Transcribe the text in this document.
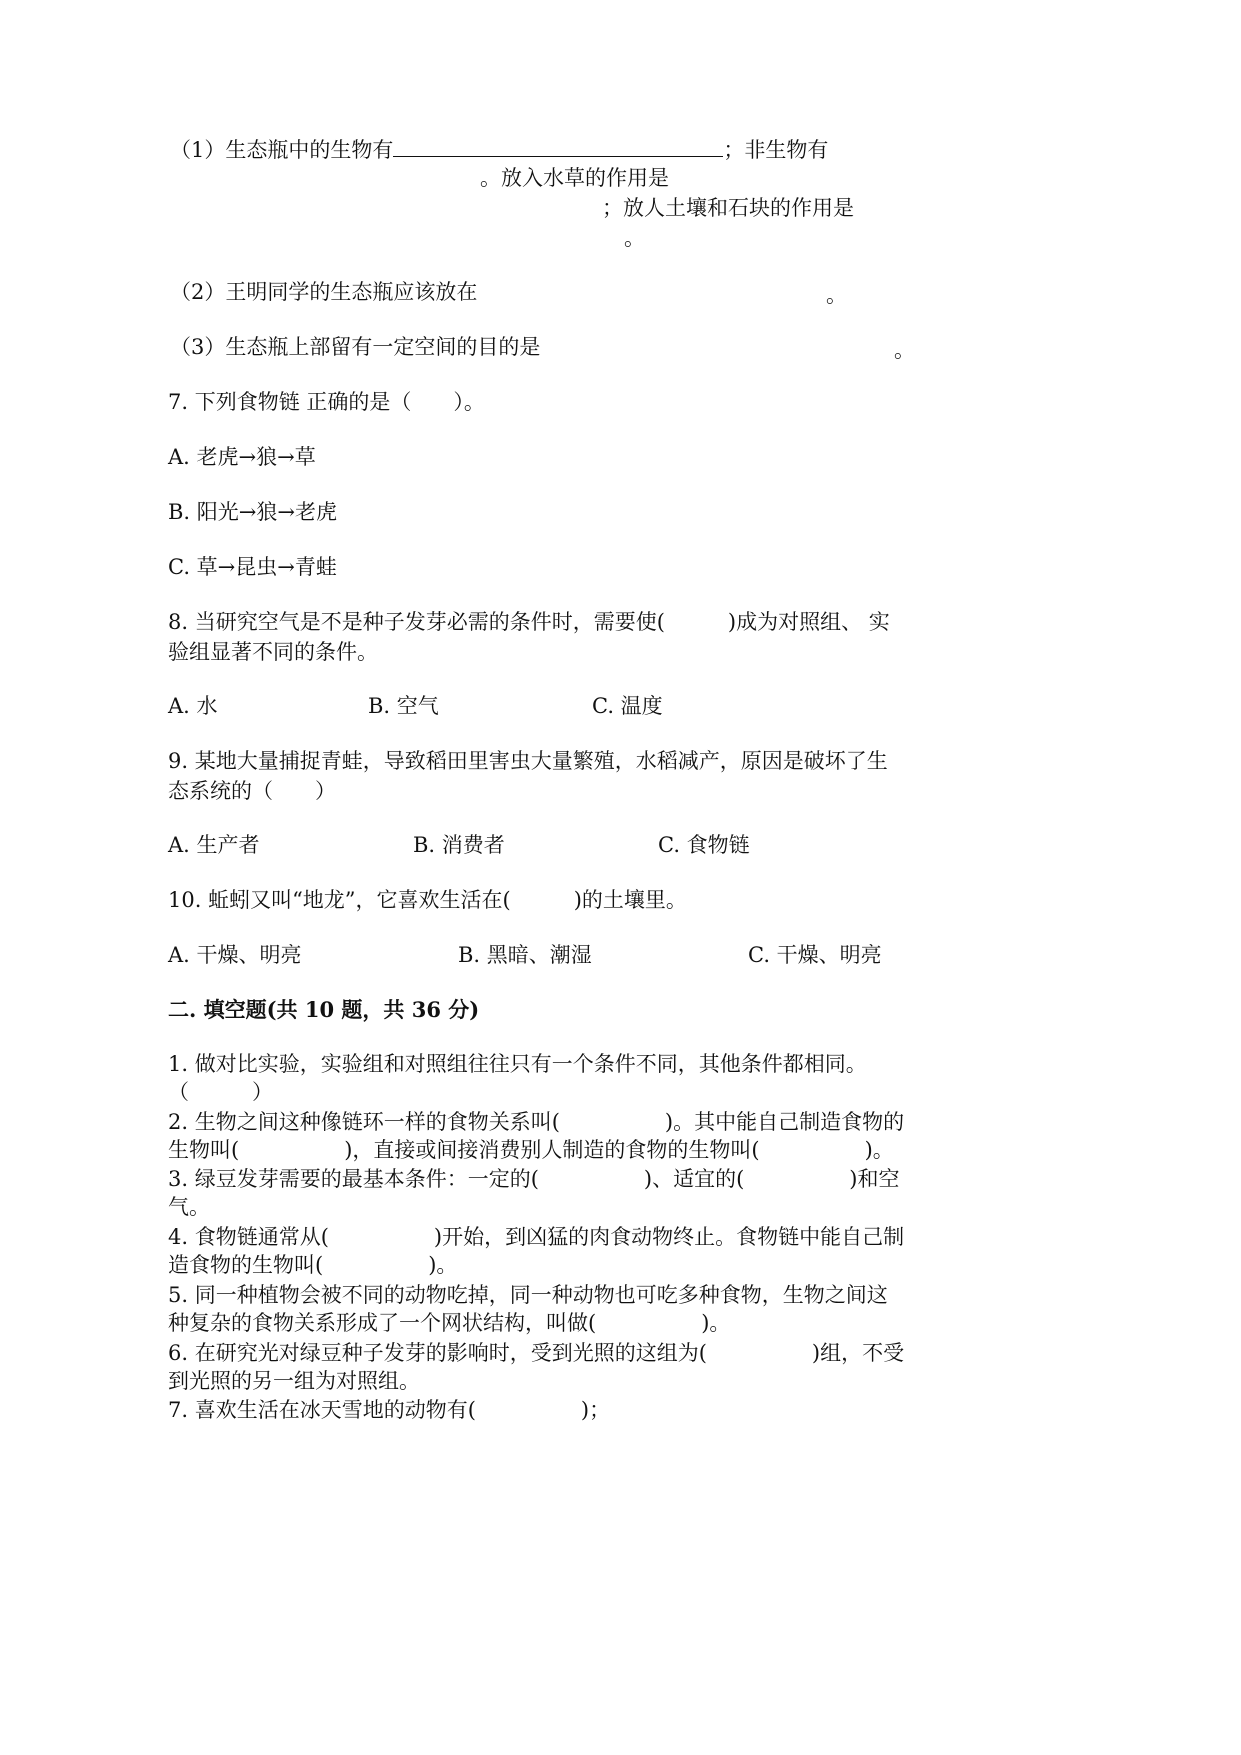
（1）生态瓶中的生物有	；非生物有
。放入水草的作用是
；放人土壤和石块的作用是
。
（2）王明同学的生态瓶应该放在	。
（3）生态瓶上部留有一定空间的目的是	。
7. 下列食物链 正确的是（　　）。
A. 老虎→狼→草
B. 阳光→狼→老虎
C. 草→昆虫→青蛙
8. 当研究空气是不是种子发芽必需的条件时，需要使(　　　)成为对照组、 实
验组显著不同的条件。
A. 水	B. 空气	C. 温度
9. 某地大量捕捉青蛙，导致稻田里害虫大量繁殖，水稻减产，原因是破坏了生
态系统的（　　）
A. 生产者	B. 消费者	C. 食物链
10. 蚯蚓又叫“地龙”，它喜欢生活在(　　　)的土壤里。
A. 干燥、明亮	B. 黑暗、潮湿	C. 干燥、明亮
二. 填空题(共 10 题，共 36 分)
1. 做对比实验，实验组和对照组往往只有一个条件不同，其他条件都相同。
（　　　）
2. 生物之间这种像链环一样的食物关系叫(　　　　　)。其中能自己制造食物的
生物叫(　　　　　)，直接或间接消费别人制造的食物的生物叫(　　　　　)。
3. 绿豆发芽需要的最基本条件：一定的(　　　　　)、适宜的(　　　　　)和空
气。
4. 食物链通常从(　　　　　)开始，到凶猛的肉食动物终止。食物链中能自己制
造食物的生物叫(　　　　　)。
5. 同一种植物会被不同的动物吃掉，同一种动物也可吃多种食物，生物之间这
种复杂的食物关系形成了一个网状结构，叫做(　　　　　)。
6. 在研究光对绿豆种子发芽的影响时，受到光照的这组为(　　　　　)组，不受
到光照的另一组为对照组。
7. 喜欢生活在冰天雪地的动物有(　　　　　)；
